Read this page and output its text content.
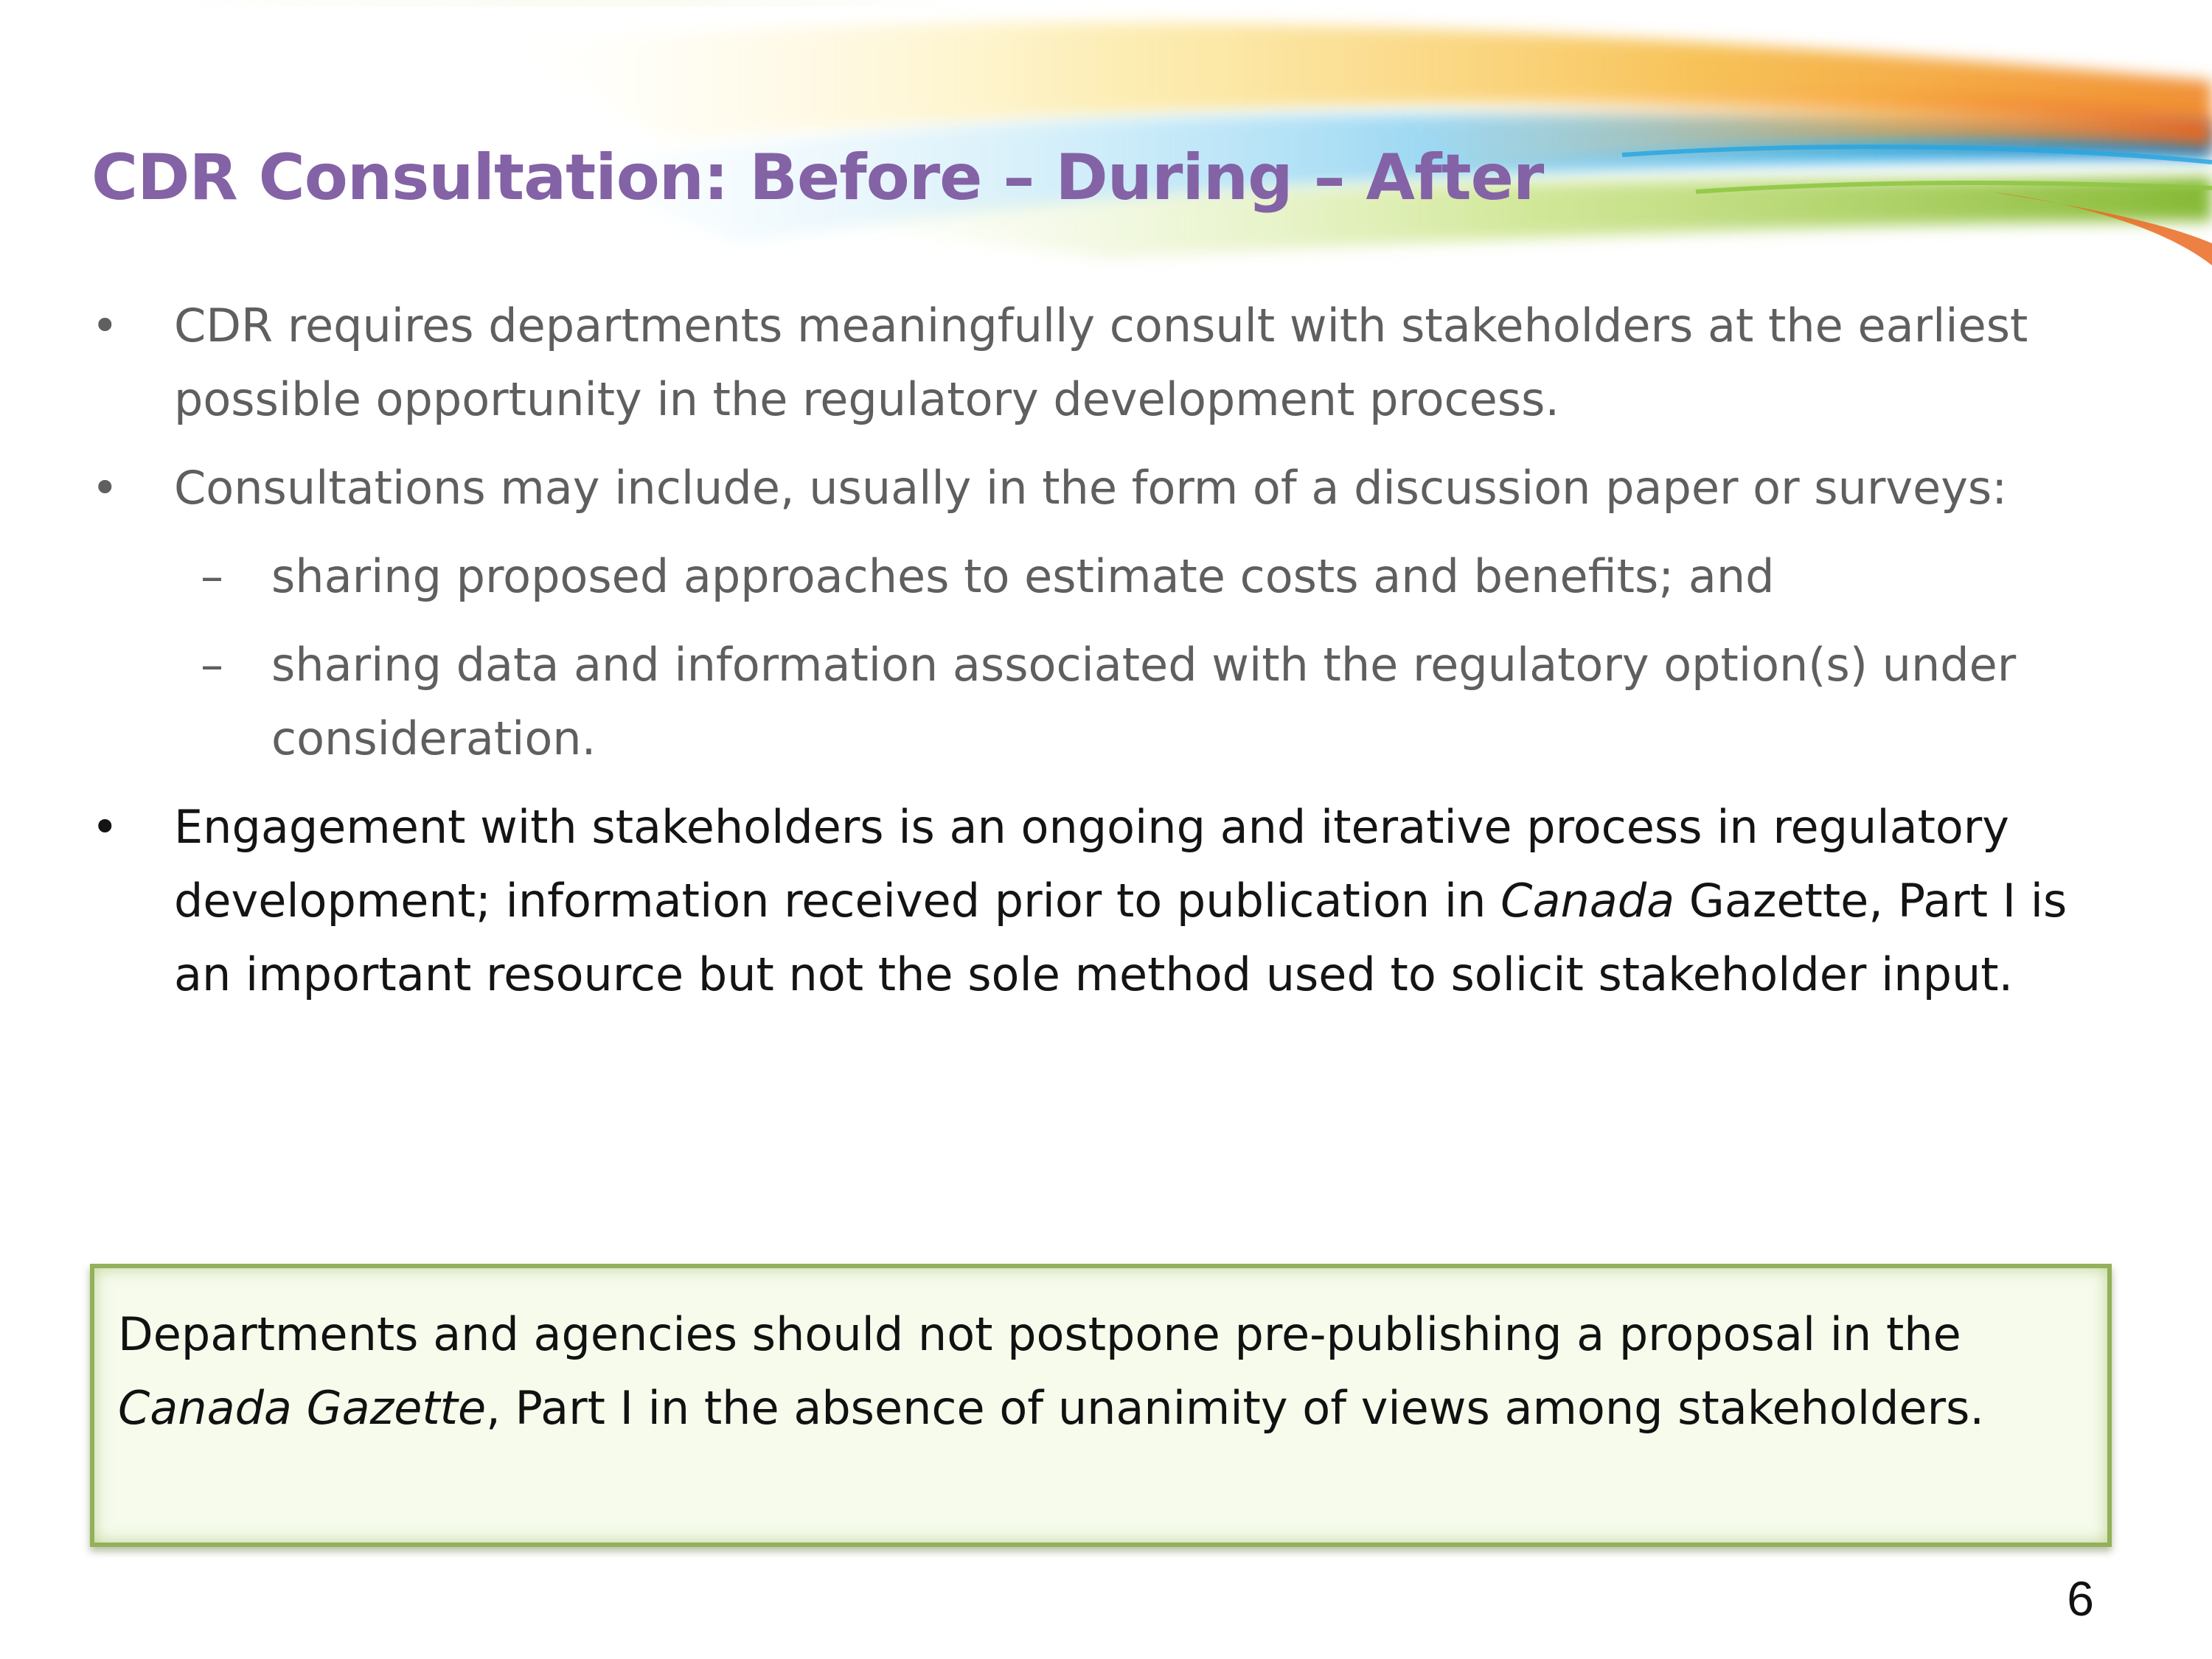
CDR Consultation: Before – During – After
•	CDR requires departments meaningfully consult with stakeholders at the earliest possible opportunity in the regulatory development process.
•	Consultations may include, usually in the form of a discussion paper or surveys:
– sharing proposed approaches to estimate costs and benefits; and
– sharing data and information associated with the regulatory option(s) under consideration.
•	Engagement with stakeholders is an ongoing and iterative process in regulatory development; information received prior to publication in Canada Gazette, Part I is an important resource but not the sole method used to solicit stakeholder input.
Departments and agencies should not postpone pre-publishing a proposal in the Canada Gazette, Part I in the absence of unanimity of views among stakeholders.
6
